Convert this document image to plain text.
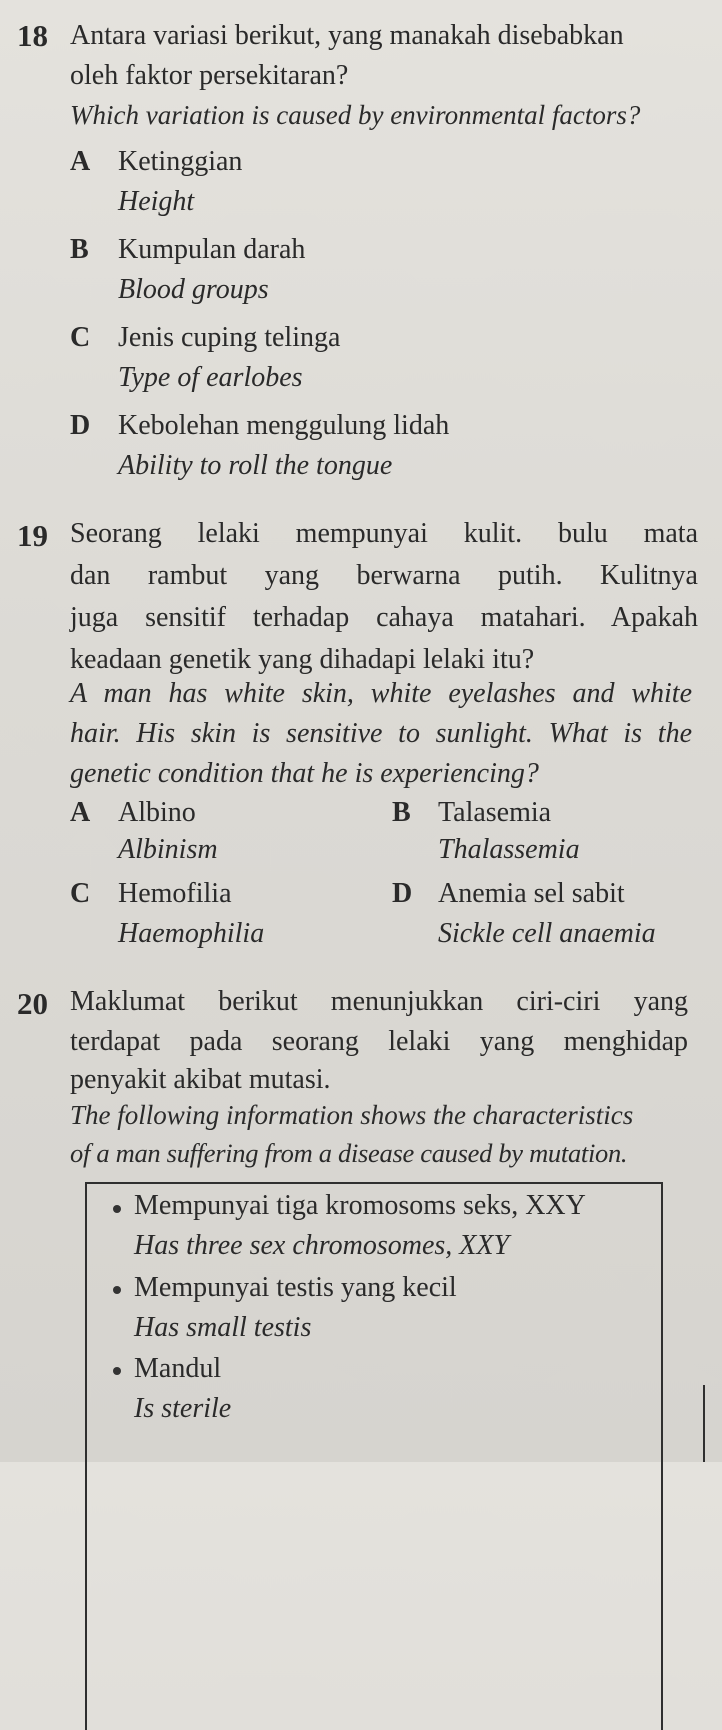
18 Antara variasi berikut, yang manakah disebabkan
oleh faktor persekitaran?
Which variation is caused by environmental factors?
A Ketinggian
Height
B Kumpulan darah
Blood groups
C Jenis cuping telinga
Type of earlobes
D Kebolehan menggulung lidah
Ability to roll the tongue
19 Seorang lelaki mempunyai kulit. bulu mata
dan rambut yang berwarna putih. Kulitnya
juga sensitif terhadap cahaya matahari. Apakah
keadaan genetik yang dihadapi lelaki itu?
A man has white skin, white eyelashes and white
hair. His skin is sensitive to sunlight. What is the
genetic condition that he is experiencing?
A Albino
Albinism
B Talasemia
Thalassemia
C Hemofilia
Haemophilia
D Anemia sel sabit
Sickle cell anaemia
20 Maklumat berikut menunjukkan ciri-ciri yang
terdapat pada seorang lelaki yang menghidap
penyakit akibat mutasi.
The following information shows the characteristics
of a man suffering from a disease caused by mutation.
Mempunyai tiga kromosoms seks, XXY
Has three sex chromosomes, XXY
Mempunyai testis yang kecil
Has small testis
Mandul
Is sterile
